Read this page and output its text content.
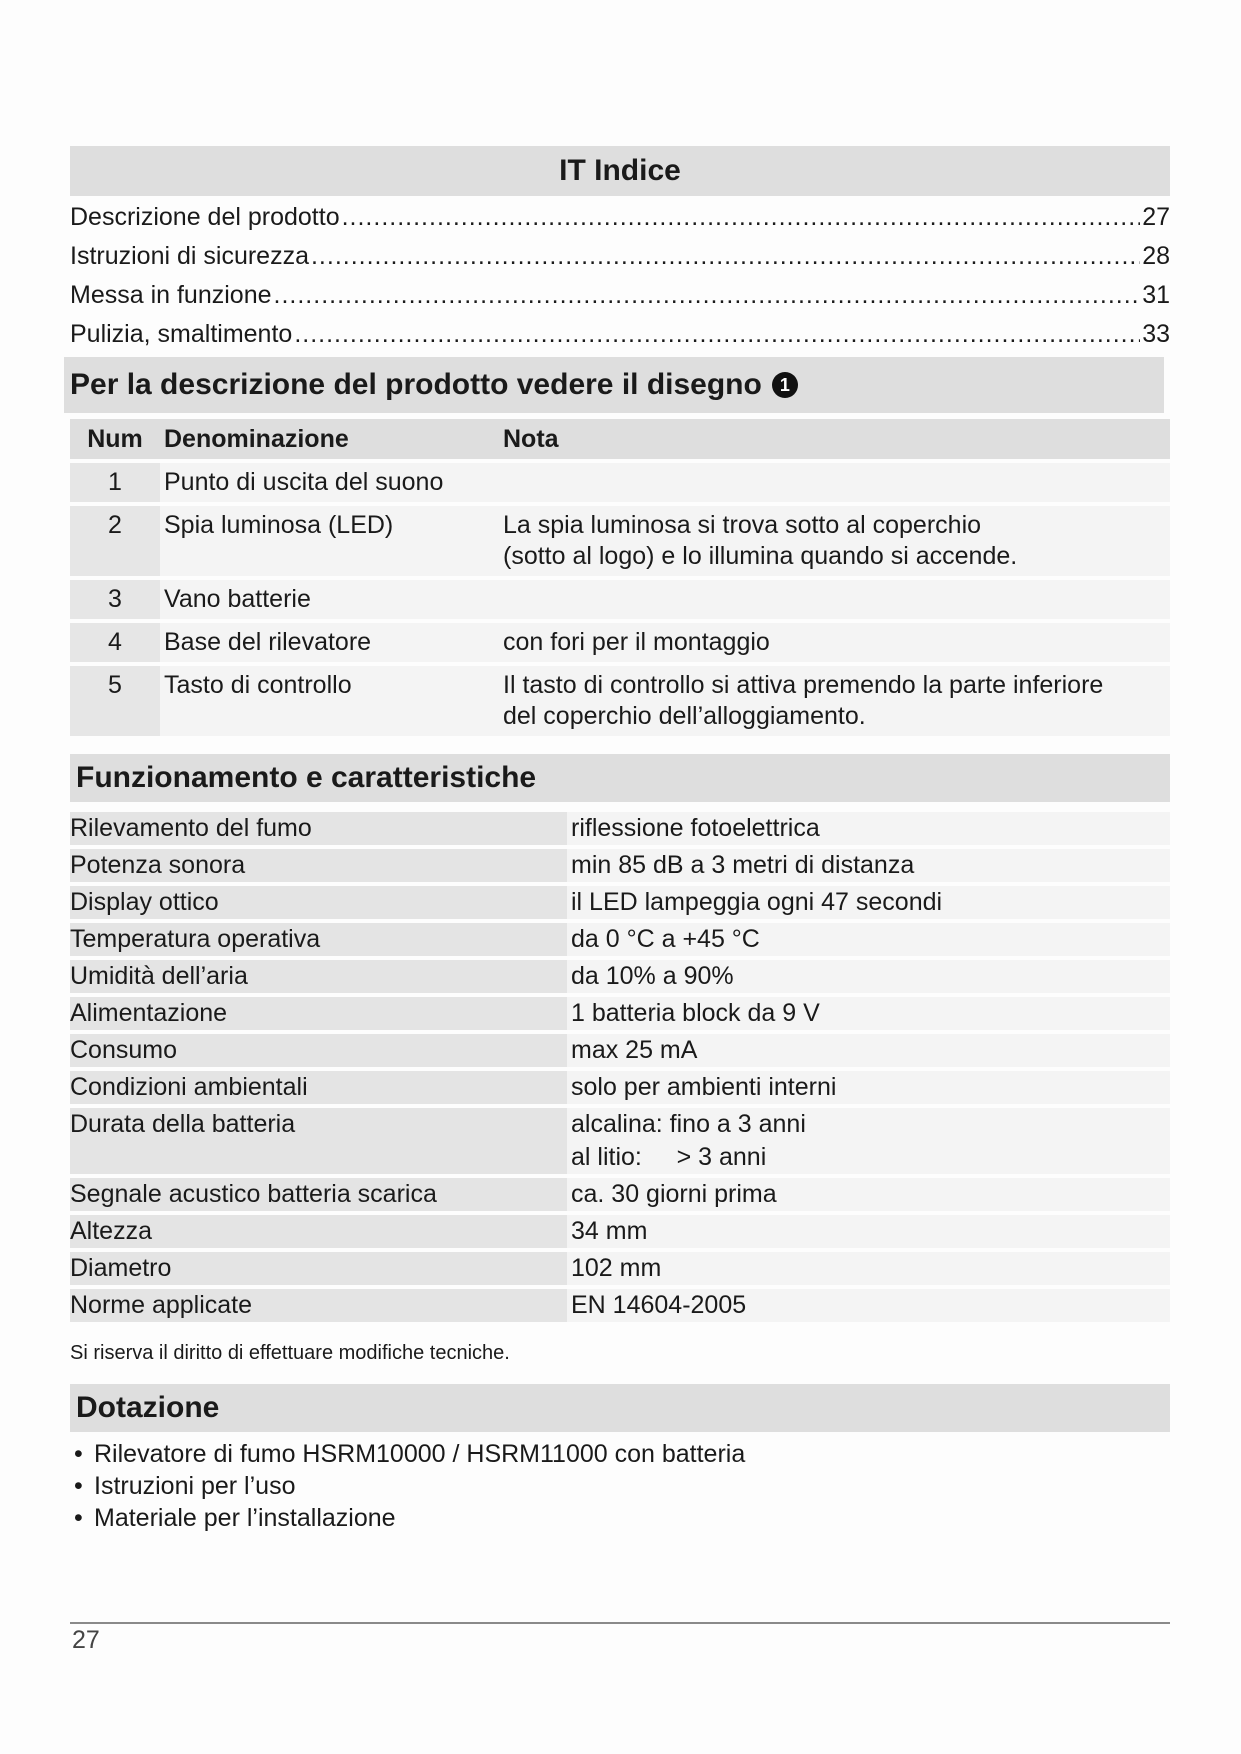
IT Indice
Descrizione del prodotto .....	27
Istruzioni di sicurezza .....	28
Messa in funzione .....	31
Pulizia, smaltimento .....	33
Per la descrizione del prodotto vedere il disegno 1
Num	Denominazione	Nota
1	Punto di uscita del suono	
2	Spia luminosa (LED)	La spia luminosa si trova sotto al coperchio
(sotto al logo) e lo illumina quando si accende.
3	Vano batterie	
4	Base del rilevatore	con fori per il montaggio
5	Tasto di controllo	Il tasto di controllo si attiva premendo la parte inferiore
del coperchio dell’alloggiamento.
Funzionamento e caratteristiche
Rilevamento del fumo	riflessione fotoelettrica
Potenza sonora	min 85 dB a 3 metri di distanza
Display ottico	il LED lampeggia ogni 47 secondi
Temperatura operativa	da 0 °C a +45 °C
Umidità dell’aria	da 10% a 90%
Alimentazione	1 batteria block da 9 V
Consumo	max 25 mA
Condizioni ambientali	solo per ambienti interni
Durata della batteria	alcalina: fino a 3 anni
al litio:     > 3 anni
Segnale acustico batteria scarica	ca. 30 giorni prima
Altezza	34 mm
Diametro	102 mm
Norme applicate	EN 14604-2005
Si riserva il diritto di effettuare modifiche tecniche.
Dotazione
• Rilevatore di fumo HSRM10000 / HSRM11000 con batteria
• Istruzioni per l’uso
• Materiale per l’installazione
27
